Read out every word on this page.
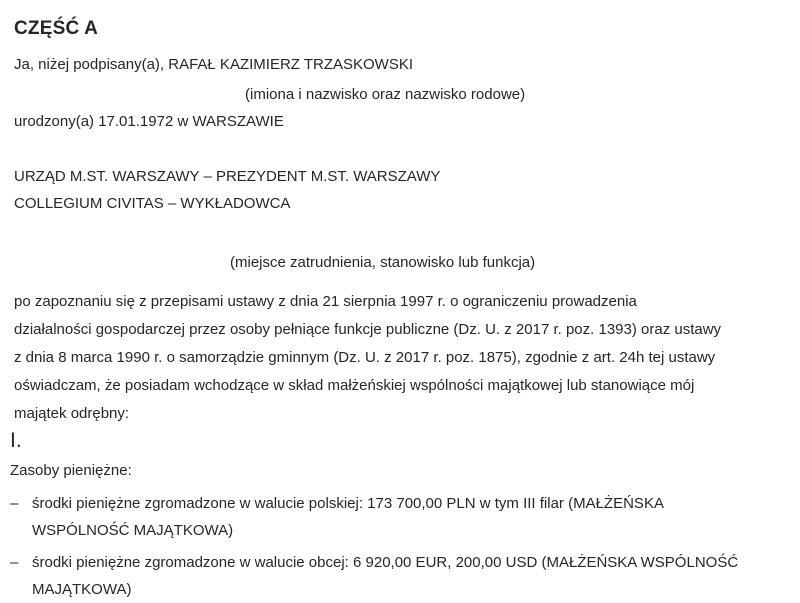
CZĘŚĆ A

Ja, niżej podpisany(a), RAFAŁ KAZIMIERZ TRZASKOWSKI

(imiona i nazwisko oraz nazwisko rodowe)

urodzony(a) 17.01.1972 w WARSZAWIE

URZĄD M.ST. WARSZAWY – PREZYDENT M.ST. WARSZAWY

COLLEGIUM CIVITAS – WYKŁADOWCA

(miejsce zatrudnienia, stanowisko lub funkcja)

po zapoznaniu się z przepisami ustawy z dnia 21 sierpnia 1997 r. o ograniczeniu prowadzenia
działalności gospodarczej przez osoby pełniące funkcje publiczne (Dz. U. z 2017 r. poz. 1393) oraz ustawy
z dnia 8 marca 1990 r. o samorządzie gminnym (Dz. U. z 2017 r. poz. 1875), zgodnie z art. 24h tej ustawy
oświadczam, że posiadam wchodzące w skład małżeńskiej wspólności majątkowej lub stanowiące mój
majątek odrębny:

I.

Zasoby pieniężne:

– środki pieniężne zgromadzone w walucie polskiej: 173 700,00 PLN w tym III filar (MAŁŻEŃSKA
WSPÓLNOŚĆ MAJĄTKOWA)
– środki pieniężne zgromadzone w walucie obcej: 6 920,00 EUR, 200,00 USD (MAŁŻEŃSKA WSPÓLNOŚĆ
MAJĄTKOWA)
